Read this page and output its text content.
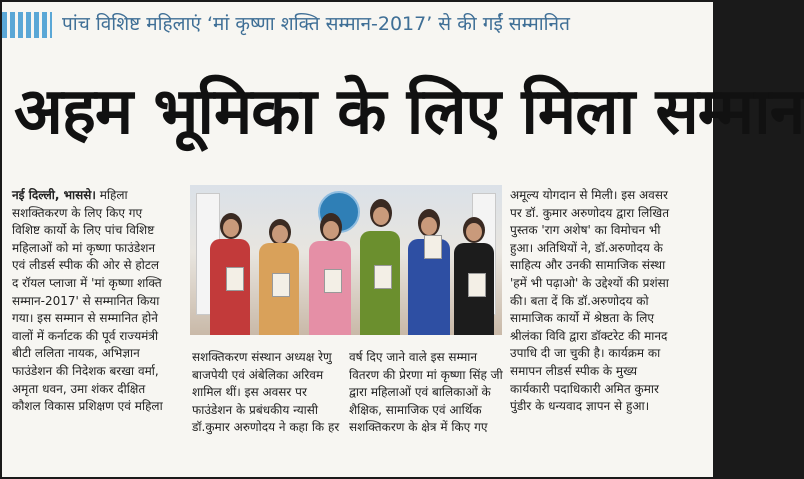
पांच विशिष्ट महिलाएं ‘मां कृष्णा शक्ति सम्मान-2017’ से की गईं सम्मानित
अहम भूमिका के लिए मिला सम्मान
नई दिल्ली, भाससे। महिला
सशक्तिकरण के लिए किए गए
विशिष्ट कार्यो के लिए पांच विशिष्ट
महिलाओं को मां कृष्णा फाउंडेशन
एवं लीडर्स स्पीक की ओर से होटल
द रॉयल प्लाजा में 'मां कृष्णा शक्ति
सम्मान-2017' से सम्मानित किया
गया। इस सम्मान से सम्मानित होने
वालों में कर्नाटक की पूर्व राज्यमंत्री
बीटी ललिता नायक, अभिज्ञान
फाउंडेशन की निदेशक बरखा वर्मा,
अमृता धवन, उमा शंकर दीक्षित
कौशल विकास प्रशिक्षण एवं महिला
सशक्तिकरण संस्थान अध्यक्ष रेणु
बाजपेयी एवं अंबेलिका अरिवम
शामिल थीं। इस अवसर पर
फाउंडेशन के प्रबंधकीय न्यासी
डॉ.कुमार अरुणोदय ने कहा कि हर
वर्ष दिए जाने वाले इस सम्मान
वितरण की प्रेरणा मां कृष्णा सिंह जी
द्वारा महिलाओं एवं बालिकाओं के
शैक्षिक, सामाजिक एवं आर्थिक
सशक्तिकरण के क्षेत्र में किए गए
अमूल्य योगदान से मिली। इस अवसर
पर डॉ. कुमार अरुणोदय द्वारा लिखित
पुस्तक 'राग अशेष' का विमोचन भी
हुआ। अतिथियों ने, डॉ.अरुणोदय के
साहित्य और उनकी सामाजिक संस्था
'हमें भी पढ़ाओ' के उद्देश्यों की प्रशंसा
की। बता दें कि डॉ.अरुणोदय को
सामाजिक कार्यो में श्रेष्ठता के लिए
श्रीलंका विवि द्वारा डॉक्टरेट की मानद
उपाधि दी जा चुकी है। कार्यक्रम का
समापन लीडर्स स्पीक के मुख्य
कार्यकारी पदाधिकारी अमित कुमार
पुंडीर के धन्यवाद ज्ञापन से हुआ।
